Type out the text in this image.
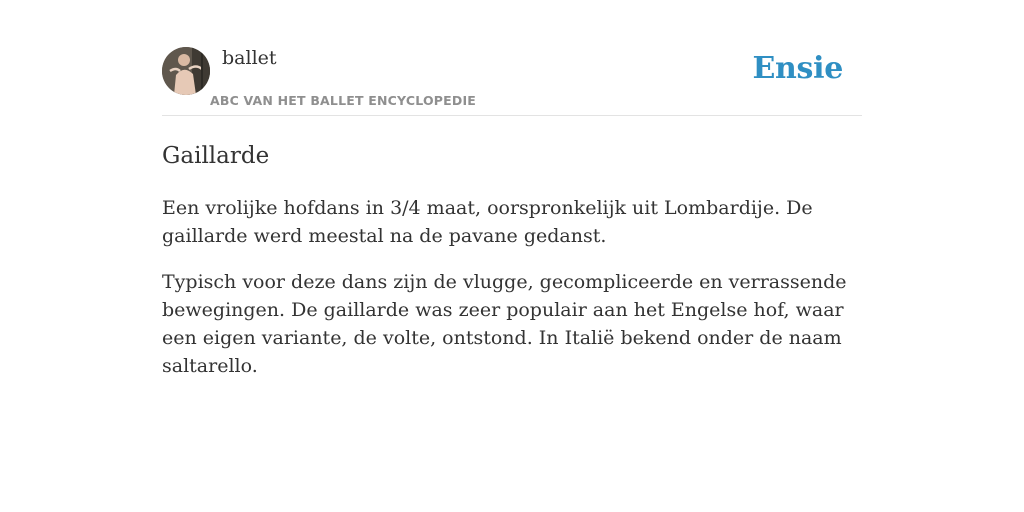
ballet
ABC VAN HET BALLET ENCYCLOPEDIE
Ensie
Gaillarde

Een vrolijke hofdans in 3/4 maat, oorspronkelijk uit Lombardije. De gaillarde werd meestal na de pavane gedanst.

Typisch voor deze dans zijn de vlugge, gecompliceerde en verrassende bewegingen. De gaillarde was zeer populair aan het Engelse hof, waar een eigen variante, de volte, ontstond. In Italië bekend onder de naam saltarello.
